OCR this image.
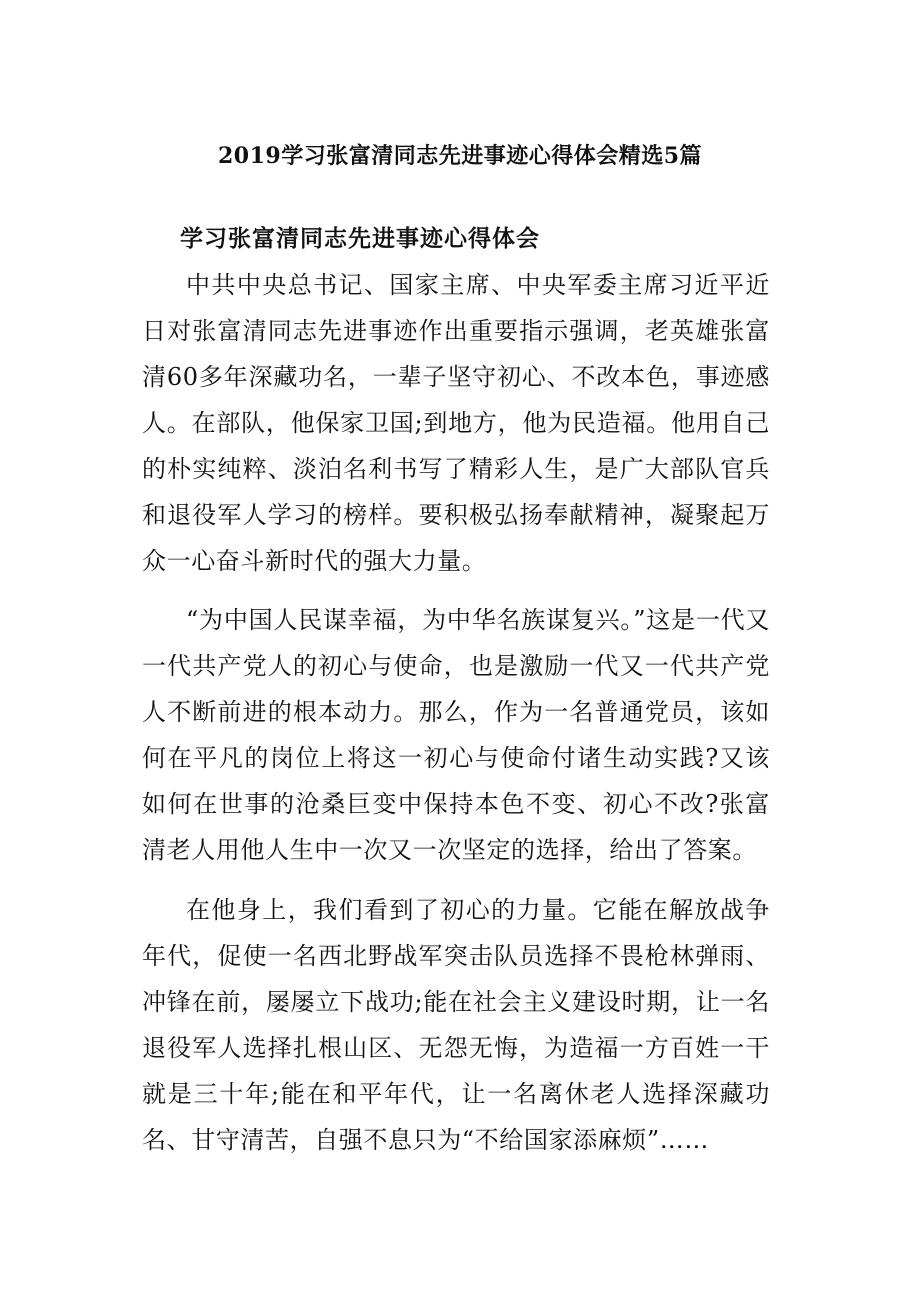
2019学习张富清同志先进事迹心得体会精选5篇
学习张富清同志先进事迹心得体会

中共中央总书记、国家主席、中央军委主席习近平近日对张富清同志先进事迹作出重要指示强调，老英雄张富清60多年深藏功名，一辈子坚守初心、不改本色，事迹感人。在部队，他保家卫国;到地方，他为民造福。他用自己的朴实纯粹、淡泊名利书写了精彩人生，是广大部队官兵和退役军人学习的榜样。要积极弘扬奉献精神，凝聚起万众一心奋斗新时代的强大力量。

“为中国人民谋幸福，为中华名族谋复兴。”这是一代又一代共产党人的初心与使命，也是激励一代又一代共产党人不断前进的根本动力。那么，作为一名普通党员，该如何在平凡的岗位上将这一初心与使命付诸生动实践?又该如何在世事的沧桑巨变中保持本色不变、初心不改?张富清老人用他人生中一次又一次坚定的选择，给出了答案。

在他身上，我们看到了初心的力量。它能在解放战争年代，促使一名西北野战军突击队员选择不畏枪林弹雨、冲锋在前，屡屡立下战功;能在社会主义建设时期，让一名退役军人选择扎根山区、无怨无悔，为造福一方百姓一干就是三十年;能在和平年代，让一名离休老人选择深藏功名、甘守清苦，自强不息只为“不给国家添麻烦”……
